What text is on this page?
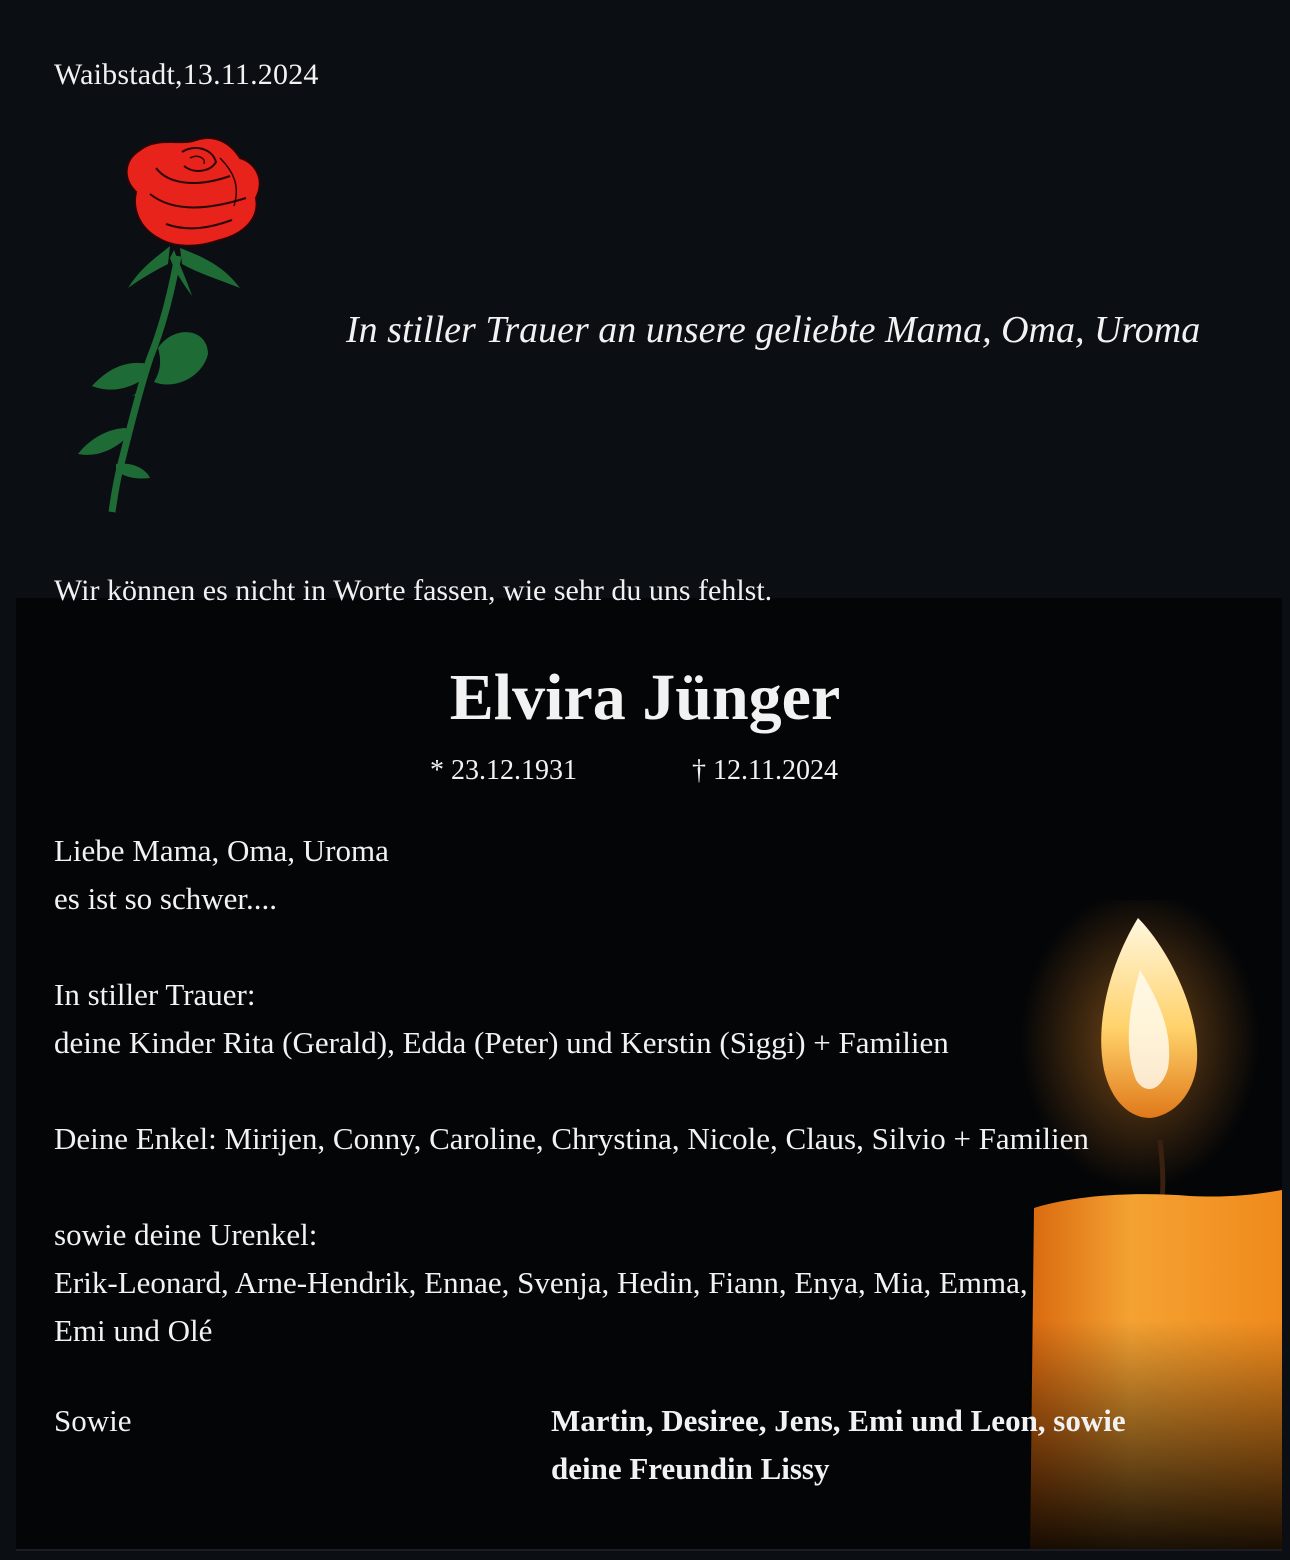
Waibstadt,13.11.2024

In stiller Trauer an unsere geliebte Mama, Oma, Uroma

Wir können es nicht in Worte fassen, wie sehr du uns fehlst.

Elvira Jünger

* 23.12.1931	† 12.11.2024

Liebe Mama, Oma, Uroma

es ist so schwer....

In stiller Trauer:

deine Kinder Rita (Gerald), Edda (Peter) und Kerstin (Siggi) + Familien

Deine Enkel: Mirijen, Conny, Caroline, Chrystina, Nicole, Claus, Silvio + Familien

sowie deine Urenkel:

Erik-Leonard, Arne-Hendrik, Ennae, Svenja, Hedin, Fiann, Enya, Mia, Emma,

Emi und Olé

Sowie	Martin, Desiree, Jens, Emi und Leon, sowie

deine Freundin Lissy
